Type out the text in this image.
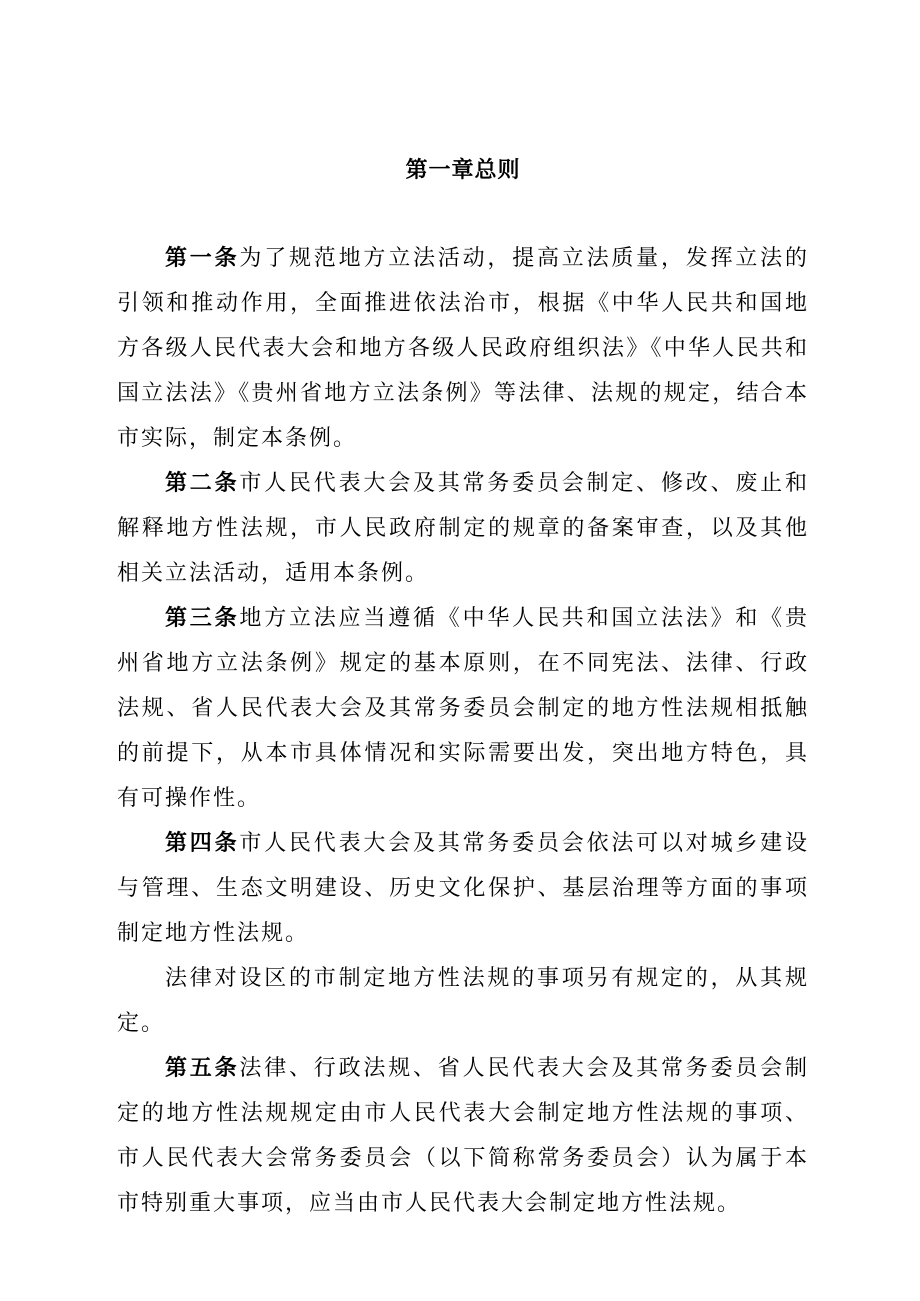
第一章总则

第一条为了规范地方立法活动，提高立法质量，发挥立法的引领和推动作用，全面推进依法治市，根据《中华人民共和国地方各级人民代表大会和地方各级人民政府组织法》《中华人民共和国立法法》《贵州省地方立法条例》等法律、法规的规定，结合本市实际，制定本条例。

第二条市人民代表大会及其常务委员会制定、修改、废止和解释地方性法规，市人民政府制定的规章的备案审查，以及其他相关立法活动，适用本条例。

第三条地方立法应当遵循《中华人民共和国立法法》和《贵州省地方立法条例》规定的基本原则，在不同宪法、法律、行政法规、省人民代表大会及其常务委员会制定的地方性法规相抵触的前提下，从本市具体情况和实际需要出发，突出地方特色，具有可操作性。

第四条市人民代表大会及其常务委员会依法可以对城乡建设与管理、生态文明建设、历史文化保护、基层治理等方面的事项制定地方性法规。

法律对设区的市制定地方性法规的事项另有规定的，从其规定。

第五条法律、行政法规、省人民代表大会及其常务委员会制定的地方性法规规定由市人民代表大会制定地方性法规的事项、市人民代表大会常务委员会（以下简称常务委员会）认为属于本市特别重大事项，应当由市人民代表大会制定地方性法规。
